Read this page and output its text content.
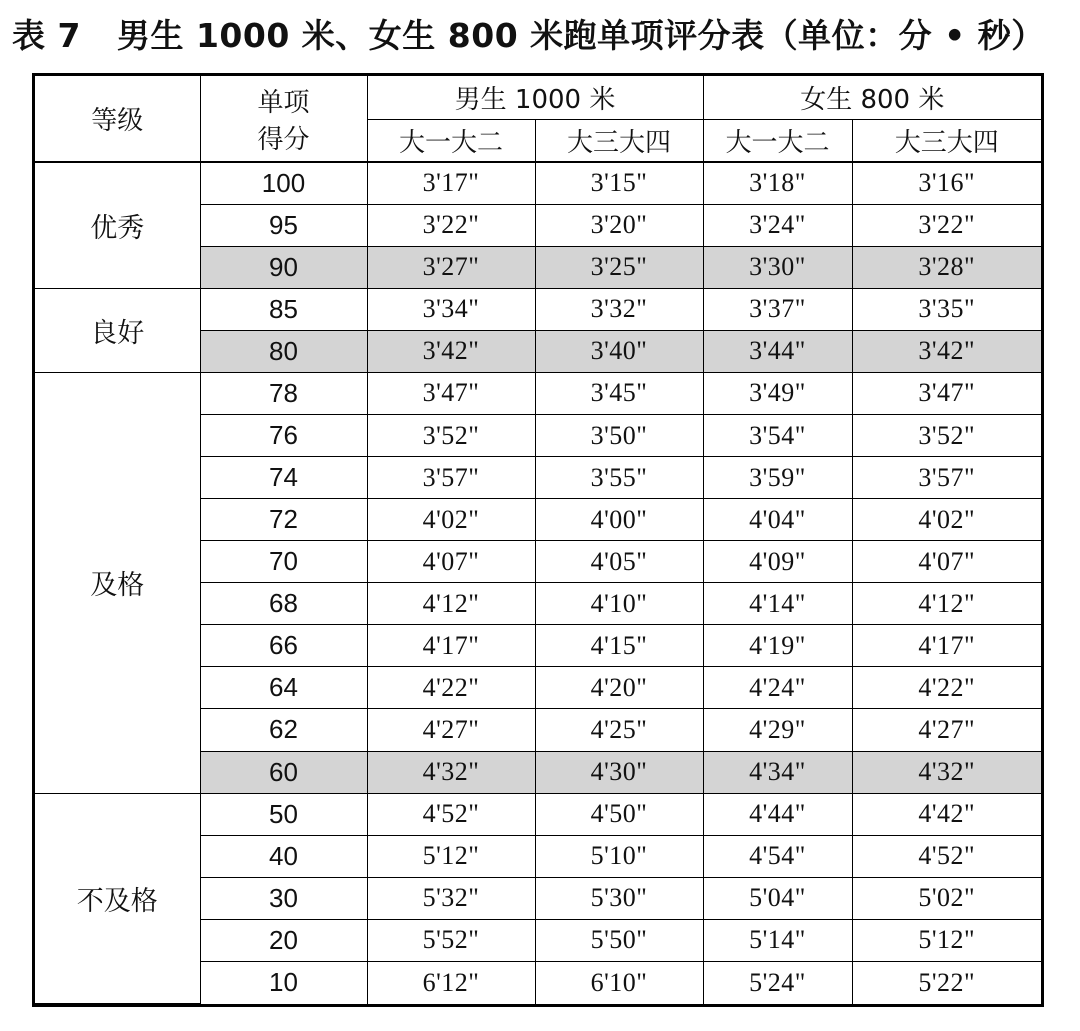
表 7 男生 1000 米、女生 800 米跑单项评分表（单位：分 • 秒）
等级	单项
得分	男生 1000 米		女生 800 米	
		大一大二	大三大四	大一大二	大三大四
优秀	100	3'17"	3'15"	3'18"	3'16"
	95	3'22"	3'20"	3'24"	3'22"
	90	3'27"	3'25"	3'30"	3'28"
良好	85	3'34"	3'32"	3'37"	3'35"
	80	3'42"	3'40"	3'44"	3'42"
及格	78	3'47"	3'45"	3'49"	3'47"
	76	3'52"	3'50"	3'54"	3'52"
	74	3'57"	3'55"	3'59"	3'57"
	72	4'02"	4'00"	4'04"	4'02"
	70	4'07"	4'05"	4'09"	4'07"
	68	4'12"	4'10"	4'14"	4'12"
	66	4'17"	4'15"	4'19"	4'17"
	64	4'22"	4'20"	4'24"	4'22"
	62	4'27"	4'25"	4'29"	4'27"
	60	4'32"	4'30"	4'34"	4'32"
不及格	50	4'52"	4'50"	4'44"	4'42"
	40	5'12"	5'10"	4'54"	4'52"
	30	5'32"	5'30"	5'04"	5'02"
	20	5'52"	5'50"	5'14"	5'12"
	10	6'12"	6'10"	5'24"	5'22"
